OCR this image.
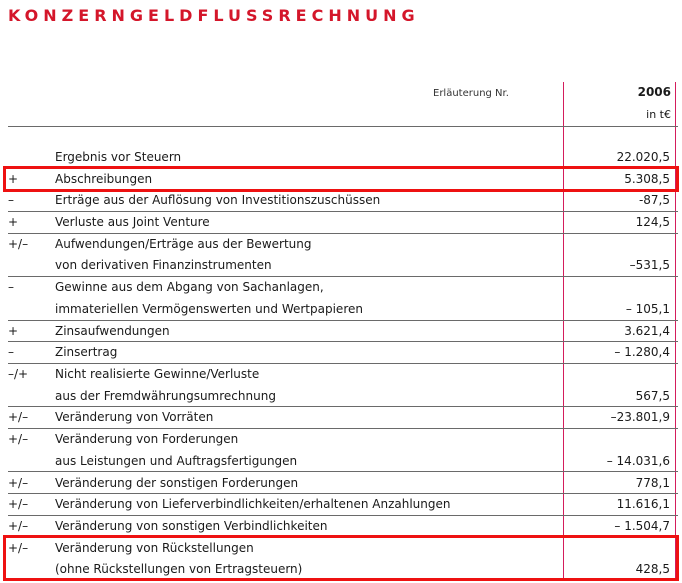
KONZERNGELDFLUSSRECHNUNG
Erläuterung Nr.	2006
in t€
Ergebnis vor Steuern	22.020,5
+	Abschreibungen	5.308,5
–	Erträge aus der Auflösung von Investitionszuschüssen	-87,5
+	Verluste aus Joint Venture	124,5
+/– Aufwendungen/Erträge aus der Bewertung
von derivativen Finanzinstrumenten	–531,5
–	Gewinne aus dem Abgang von Sachanlagen,
immateriellen Vermögenswerten und Wertpapieren	– 105,1
+	Zinsaufwendungen	3.621,4
–	Zinsertrag	– 1.280,4
–/+ Nicht realisierte Gewinne/Verluste
aus der Fremdwährungsumrechnung	567,5
+/– Veränderung von Vorräten	–23.801,9
+/– Veränderung von Forderungen
aus Leistungen und Auftragsfertigungen	– 14.031,6
+/– Veränderung der sonstigen Forderungen	778,1
+/– Veränderung von Lieferverbindlichkeiten/erhaltenen Anzahlungen	11.616,1
+/– Veränderung von sonstigen Verbindlichkeiten	– 1.504,7
+/– Veränderung von Rückstellungen
(ohne Rückstellungen von Ertragsteuern)	428,5
